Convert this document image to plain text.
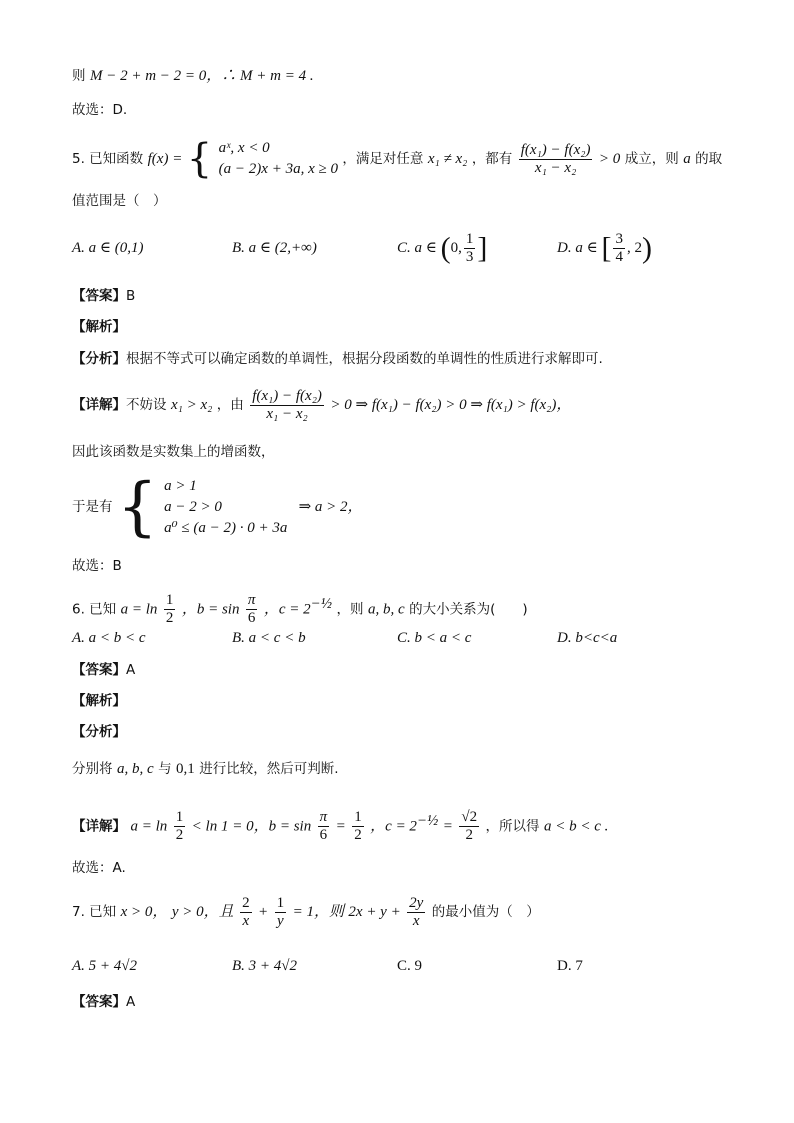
则 M − 2 + m − 2 = 0，∴ M + m = 4 .
故选：D.
5. 已知函数 f(x) = { aˣ, x < 0
(a − 2)x + 3a, x ≥ 0
，满足对任意 x₁ ≠ x₂ ，都有 $\frac{\text{f(x₁) − f(x₂)}}{\text{x₁ − x₂}} > 0$ 成立，则 a 的取
值范围是（　）
A. a ∈ (0,1)	B. a ∈ (2,+∞)	C. a ∈ (0, $\frac{1}{3}$ ]	D. a ∈ [ $\frac{3}{4}$ , 2)
【答案】B
【解析】
【分析】根据不等式可以确定函数的单调性，根据分段函数的单调性的性质进行求解即可.
【详解】不妨设 x₁ > x₂ ，由 $\frac{\text{f(x₁) − f(x₂)}}{\text{x₁ − x₂}} > 0$ ⇒ f(x₁) − f(x₂) > 0 ⇒ f(x₁) > f(x₂)，
因此该函数是实数集上的增函数，
于是有 { a > 1
a − 2 > 0
a⁰ ≤ (a − 2) · 0 + 3a
⇒ a > 2，
故选：B
6. 已知 $a = \ln \frac{1}{2}$ ，$b = \sin \frac{\pi}{6}$ ，$c = 2^{-\frac{1}{2}}$ ，则 a, b, c 的大小关系为(　　)
A. a < b < c	B. a < c < b	C. b < a < c	D. b<c<a
【答案】A
【解析】
【分析】
分别将 a, b, c 与 0,1 进行比较，然后可判断.
【详解】 $a = \ln \frac{1}{2} < \ln 1 = 0$，$b = \sin \frac{\pi}{6} = \frac{1}{2}$ ，$c = 2^{-\frac{1}{2}} = \frac{√2}{2}$ ，所以得 a < b < c .
故选：A.
7. 已知 x > 0， y > 0，且 $\frac{2}{x} + \frac{1}{y} = 1$，则 $2x + y + \frac{2y}{x}$ 的最小值为（　）
A. 5 + 4√2	B. 3 + 4√2	C. 9	D. 7
【答案】A
